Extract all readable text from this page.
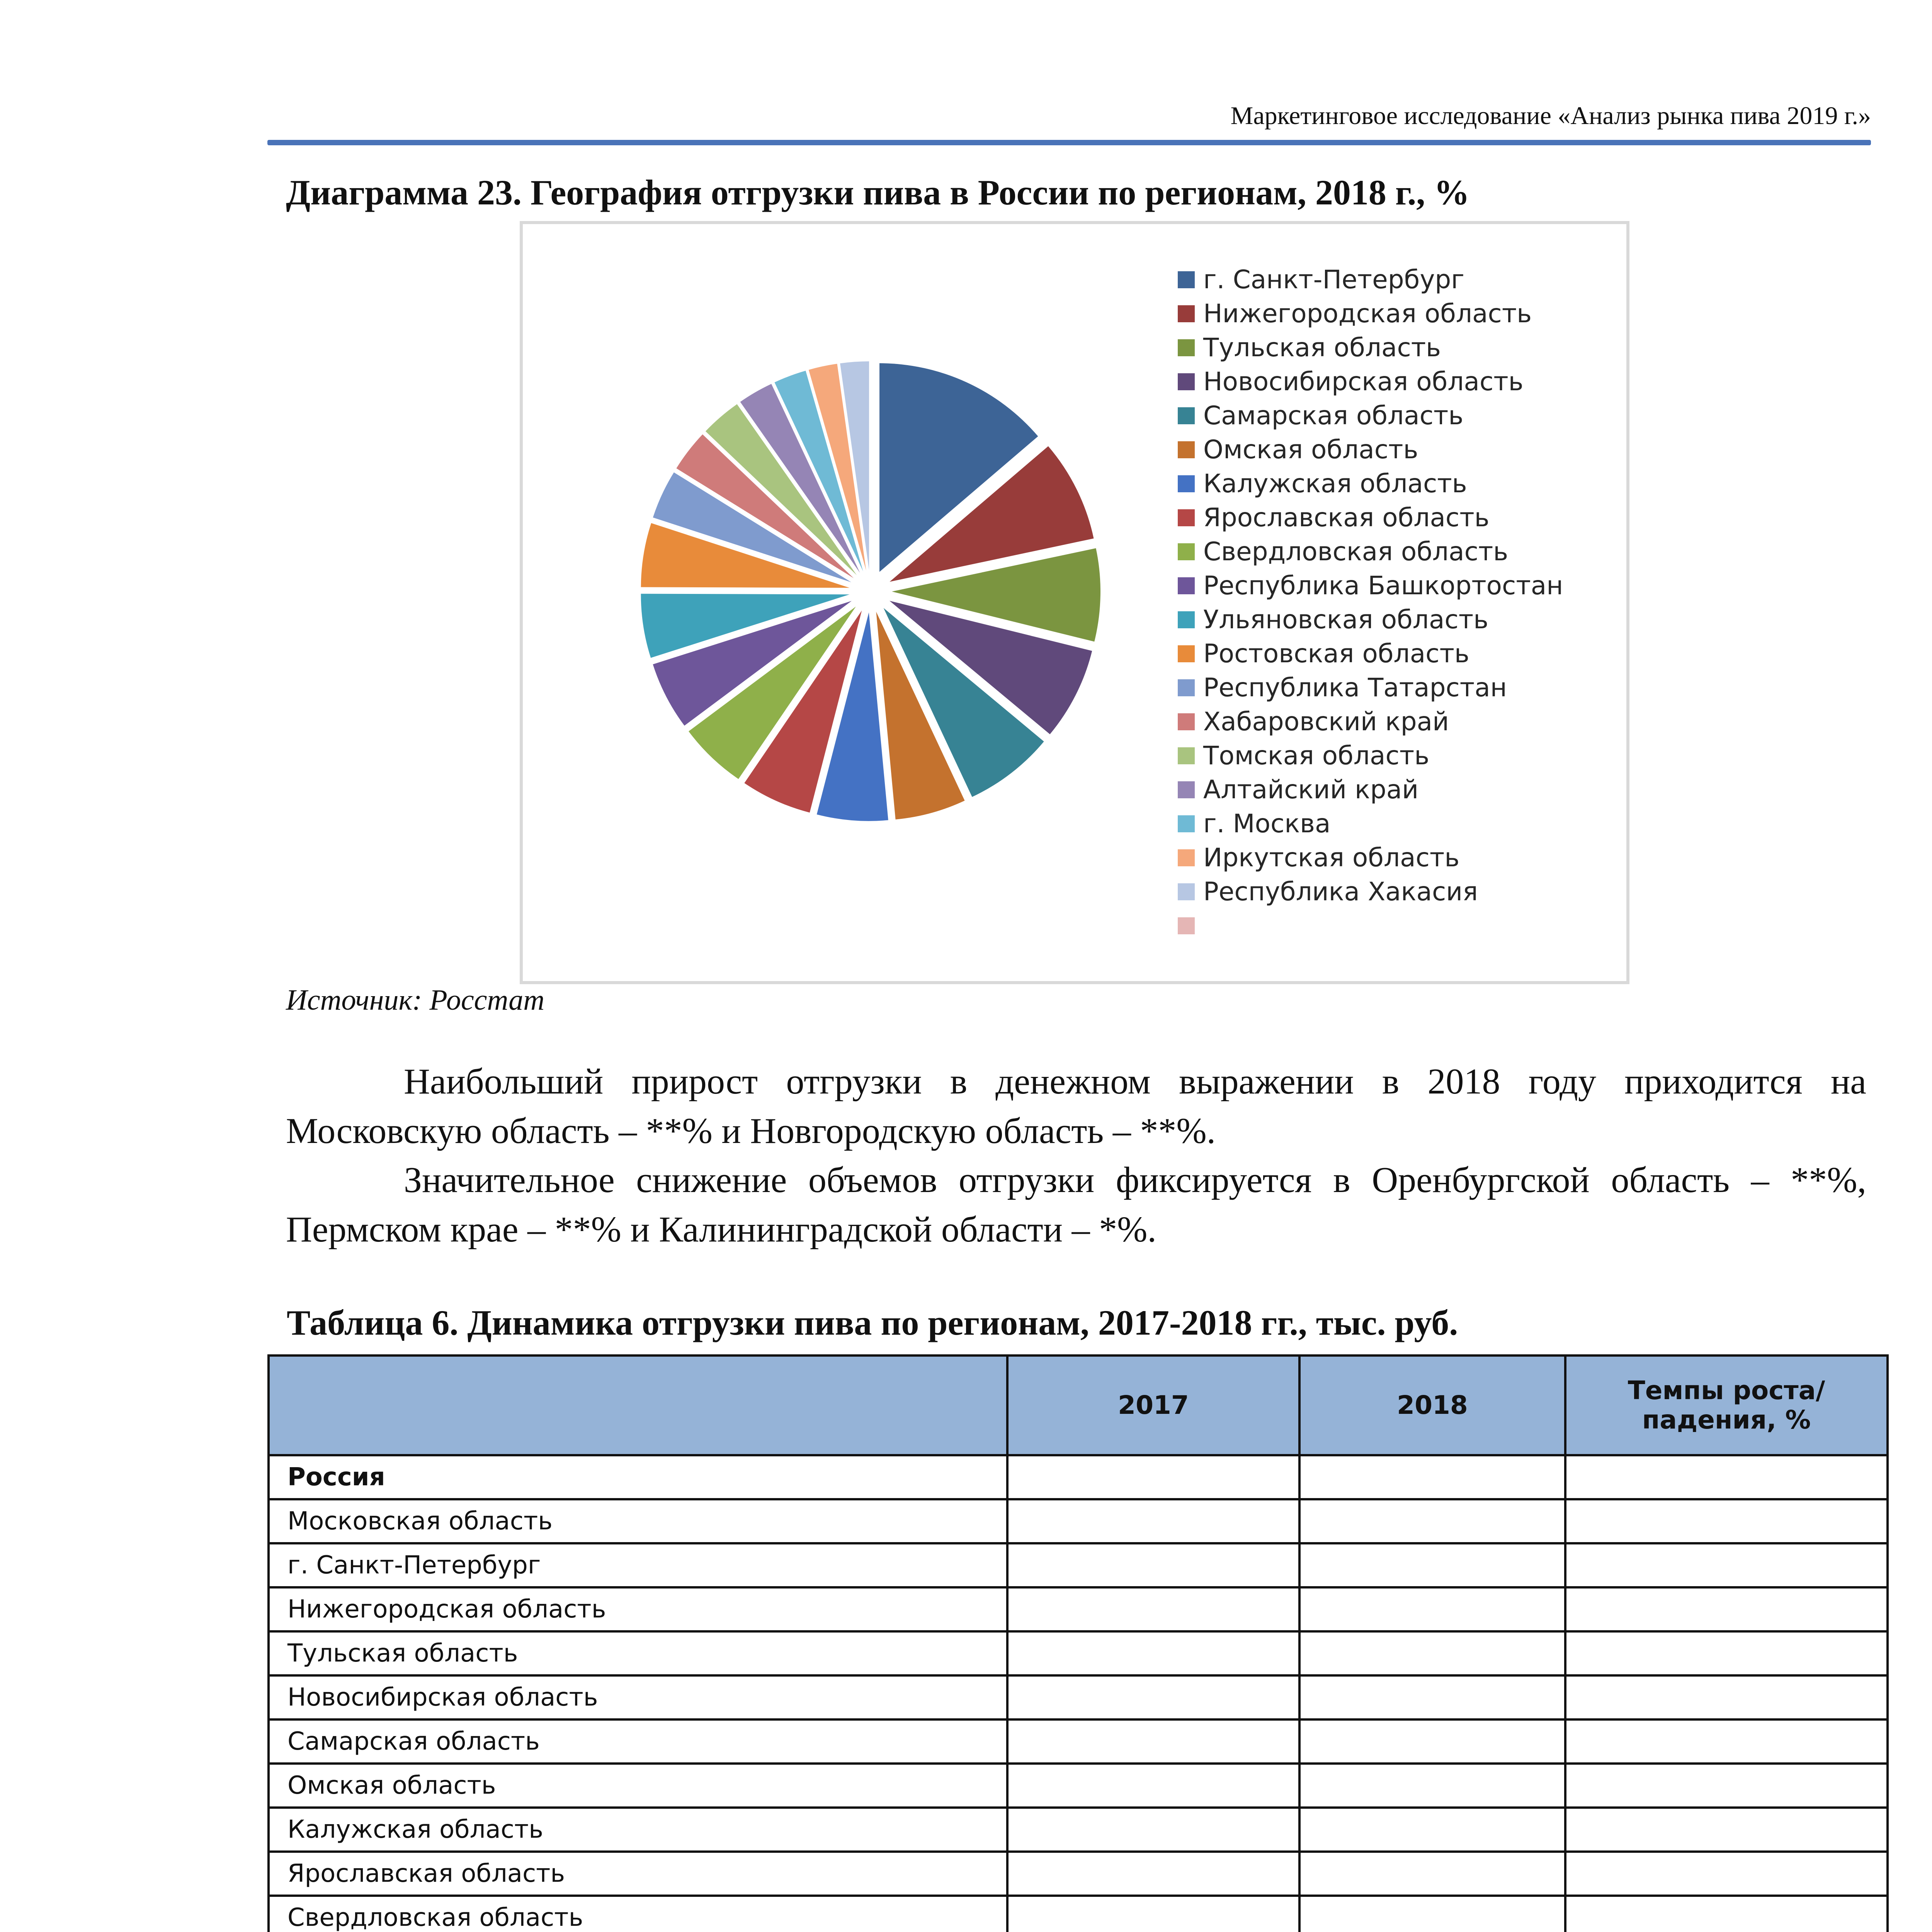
Маркетинговое исследование «Анализ рынка пива 2019 г.»
Диаграмма 23. География отгрузки пива в России по регионам, 2018 г., %
г. Санкт-Петербург
Нижегородская область
Тульская область
Новосибирская область
Самарская область
Омская область
Калужская область
Ярославская область
Свердловская область
Республика Башкортостан
Ульяновская область
Ростовская область
Республика Татарстан
Хабаровский край
Томская область
Алтайский край
г. Москва
Иркутская область
Республика Хакасия
Источник: Росстат

Наибольший прирост отгрузки в денежном выражении в 2018 году приходится на Московскую область – **% и Новгородскую область – **%.

Значительное снижение объемов отгрузки фиксируется в Оренбургской область – **%, Пермском крае – **% и Калининградской области – *%.

Таблица 6. Динамика отгрузки пива по регионам, 2017-2018 гг., тыс. руб.
	2017	2018	Темпы роста/падения, %
Россия			
Московская область			
г. Санкт-Петербург			
Нижегородская область			
Тульская область			
Новосибирская область			
Самарская область			
Омская область			
Калужская область			
Ярославская область			
Свердловская область			
